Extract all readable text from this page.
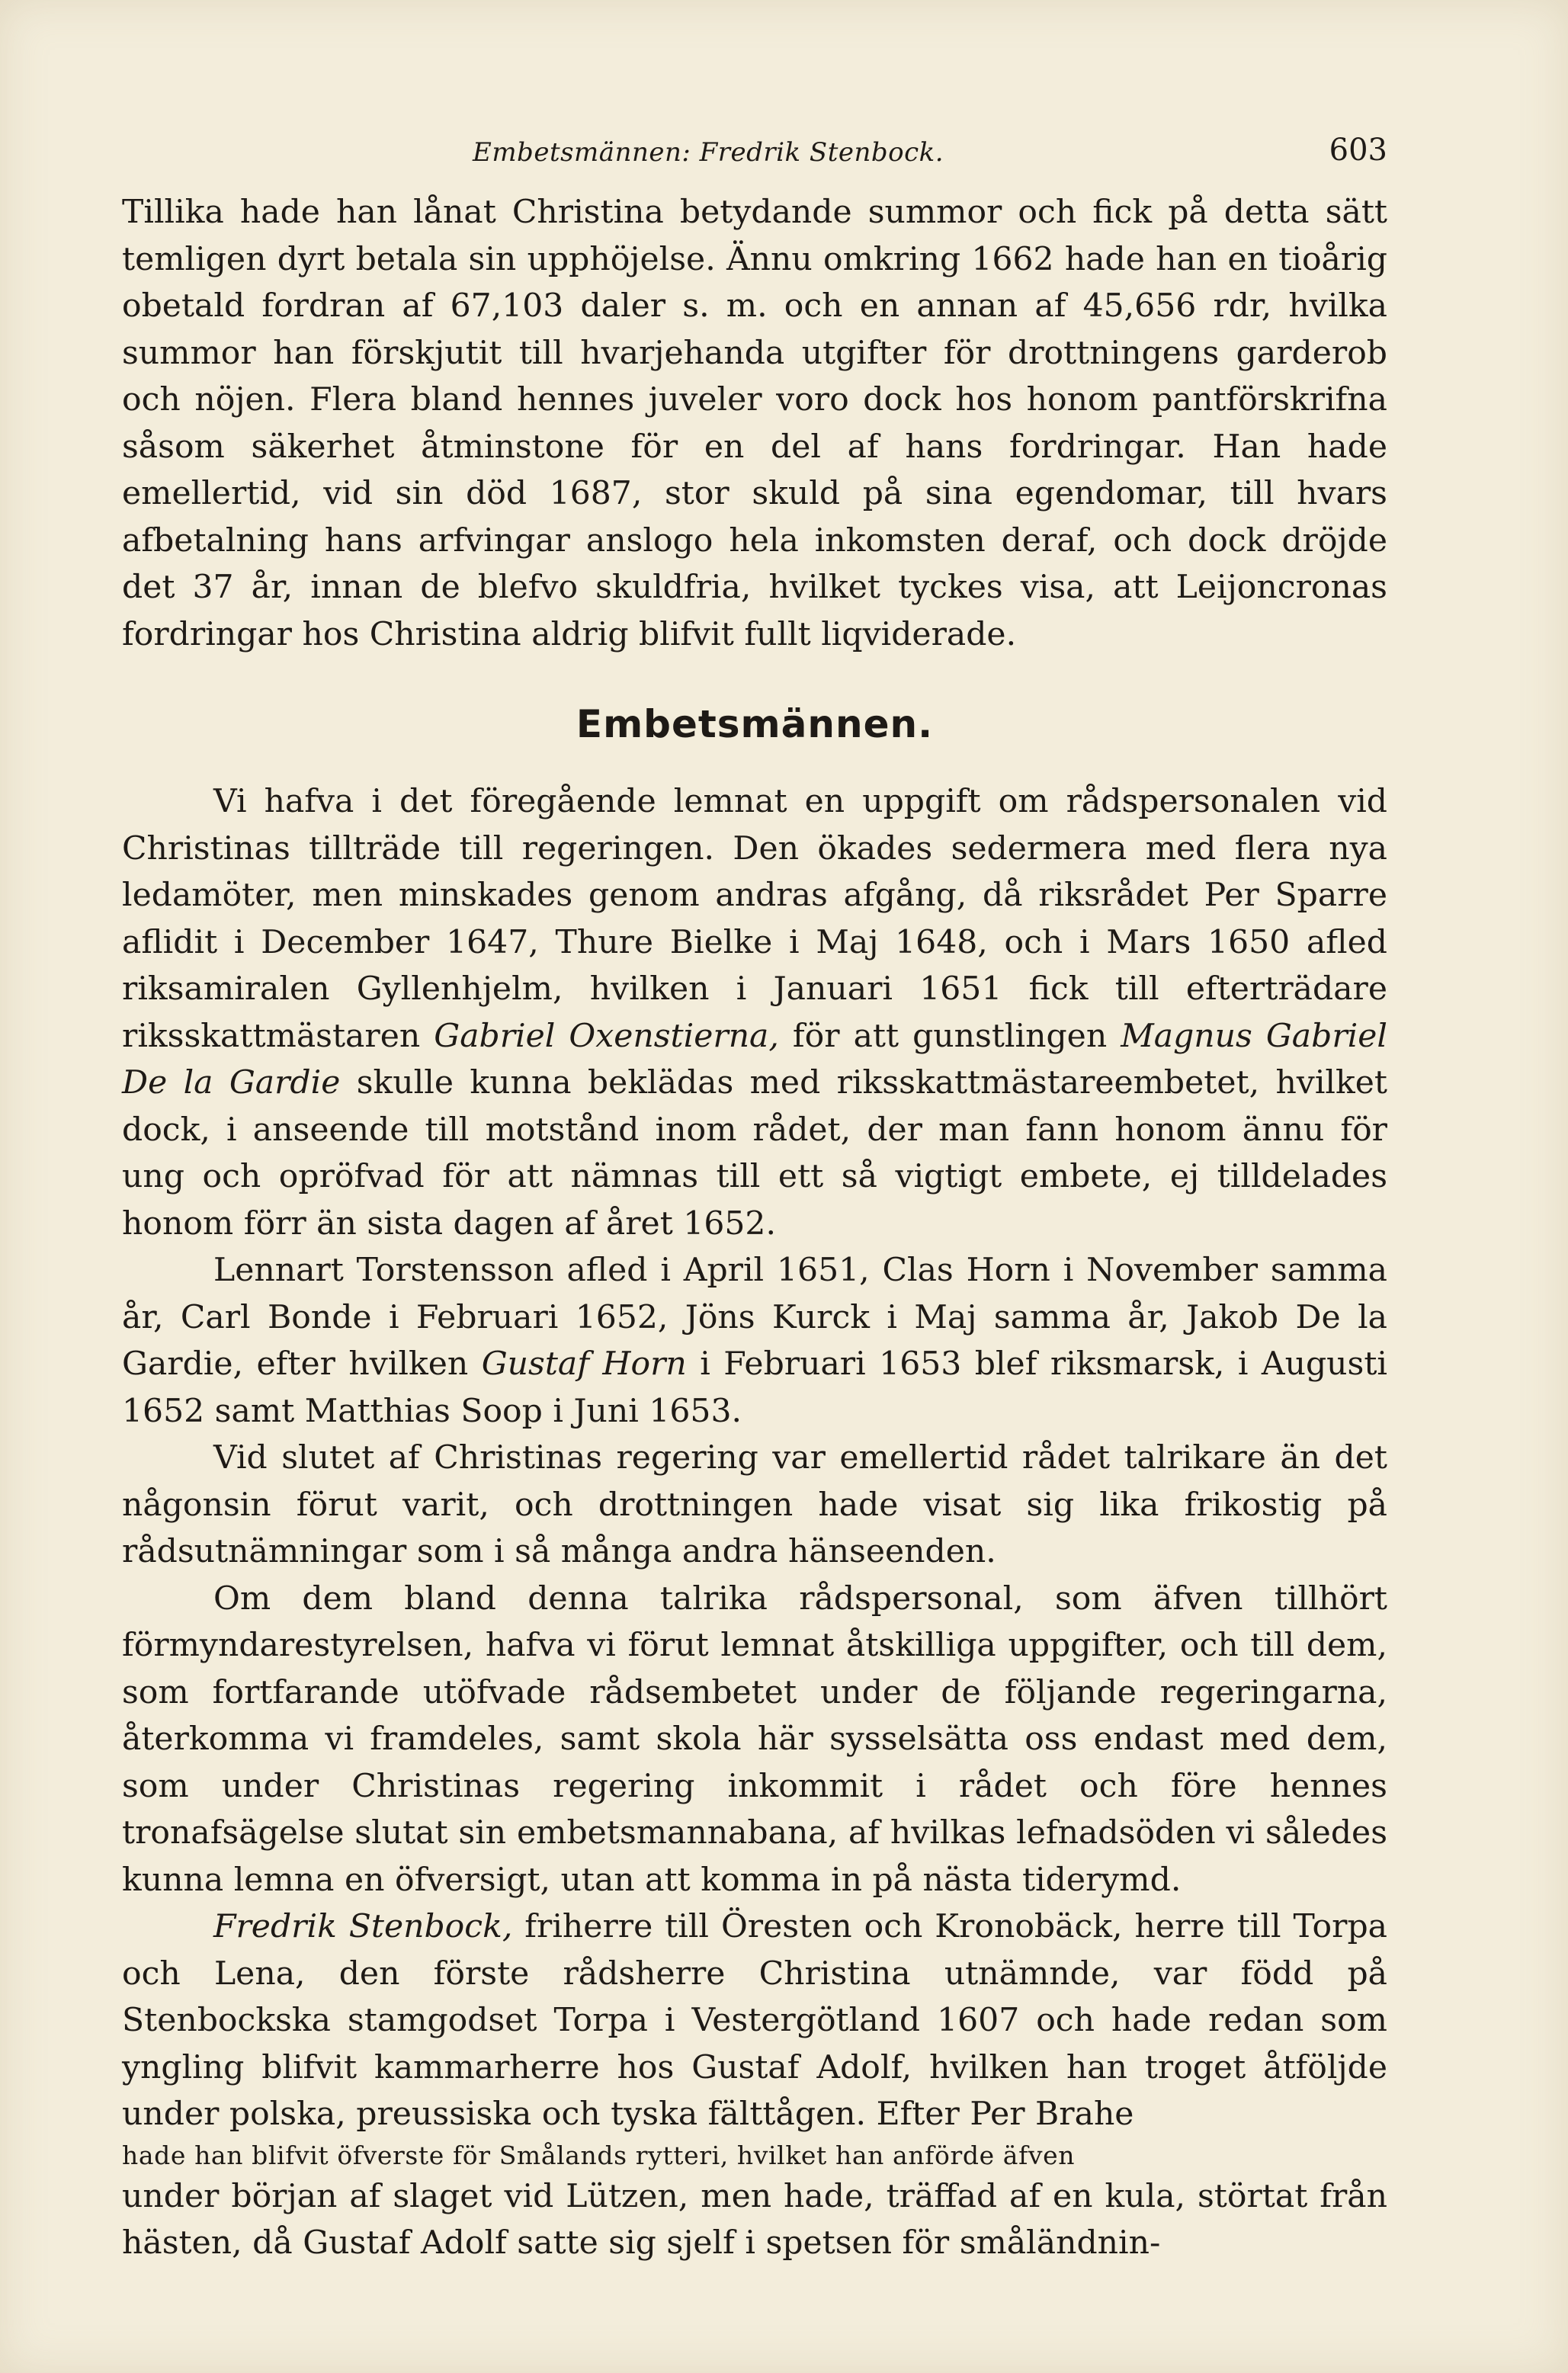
Embetsmännen: Fredrik Stenbock.	603

Tillika hade han lånat Christina betydande summor och fick på detta sätt temligen dyrt betala sin upphöjelse. Ännu omkring 1662 hade han en tioårig obetald fordran af 67,103 daler s. m. och en annan af 45,656 rdr, hvilka summor han förskjutit till hvarjehanda utgifter för drottningens garderob och nöjen. Flera bland hennes juveler voro dock hos honom pantförskrifna såsom säkerhet åtminstone för en del af hans fordringar. Han hade emellertid, vid sin död 1687, stor skuld på sina egendomar, till hvars afbetalning hans arfvingar anslogo hela inkomsten deraf, och dock dröjde det 37 år, innan de blefvo skuldfria, hvilket tyckes visa, att Leijoncronas fordringar hos Christina aldrig blifvit fullt liqviderade.

Embetsmännen.

Vi hafva i det föregående lemnat en uppgift om rådspersonalen vid Christinas tillträde till regeringen. Den ökades sedermera med flera nya ledamöter, men minskades genom andras afgång, då riksrådet Per Sparre aflidit i December 1647, Thure Bielke i Maj 1648, och i Mars 1650 afled riksamiralen Gyllenhjelm, hvilken i Januari 1651 fick till efterträdare riksskattmästaren Gabriel Oxenstierna, för att gunstlingen Magnus Gabriel De la Gardie skulle kunna beklädas med riksskattmästareembetet, hvilket dock, i anseende till motstånd inom rådet, der man fann honom ännu för ung och opröfvad för att nämnas till ett så vigtigt embete, ej tilldelades honom förr än sista dagen af året 1652.

Lennart Torstensson afled i April 1651, Clas Horn i November samma år, Carl Bonde i Februari 1652, Jöns Kurck i Maj samma år, Jakob De la Gardie, efter hvilken Gustaf Horn i Februari 1653 blef riksmarsk, i Augusti 1652 samt Matthias Soop i Juni 1653.

Vid slutet af Christinas regering var emellertid rådet talrikare än det någonsin förut varit, och drottningen hade visat sig lika frikostig på rådsutnämningar som i så många andra hänseenden.

Om dem bland denna talrika rådspersonal, som äfven tillhört förmyndarestyrelsen, hafva vi förut lemnat åtskilliga uppgifter, och till dem, som fortfarande utöfvade rådsembetet under de följande regeringarna, återkomma vi framdeles, samt skola här sysselsätta oss endast med dem, som under Christinas regering inkommit i rådet och före hennes tronafsägelse slutat sin embetsmannabana, af hvilkas lefnadsöden vi således kunna lemna en öfversigt, utan att komma in på nästa tiderymd.

Fredrik Stenbock, friherre till Öresten och Kronobäck, herre till Torpa och Lena, den förste rådsherre Christina utnämnde, var född på Stenbockska stamgodset Torpa i Vestergötland 1607 och hade redan som yngling blifvit kammarherre hos Gustaf Adolf, hvilken han troget åtföljde under polska, preussiska och tyska fälttågen. Efter Per Brahe

hade han blifvit öfverste för Smålands rytteri, hvilket han anförde äfven

under början af slaget vid Lützen, men hade, träffad af en kula, störtat från hästen, då Gustaf Adolf satte sig sjelf i spetsen för småländnin-
